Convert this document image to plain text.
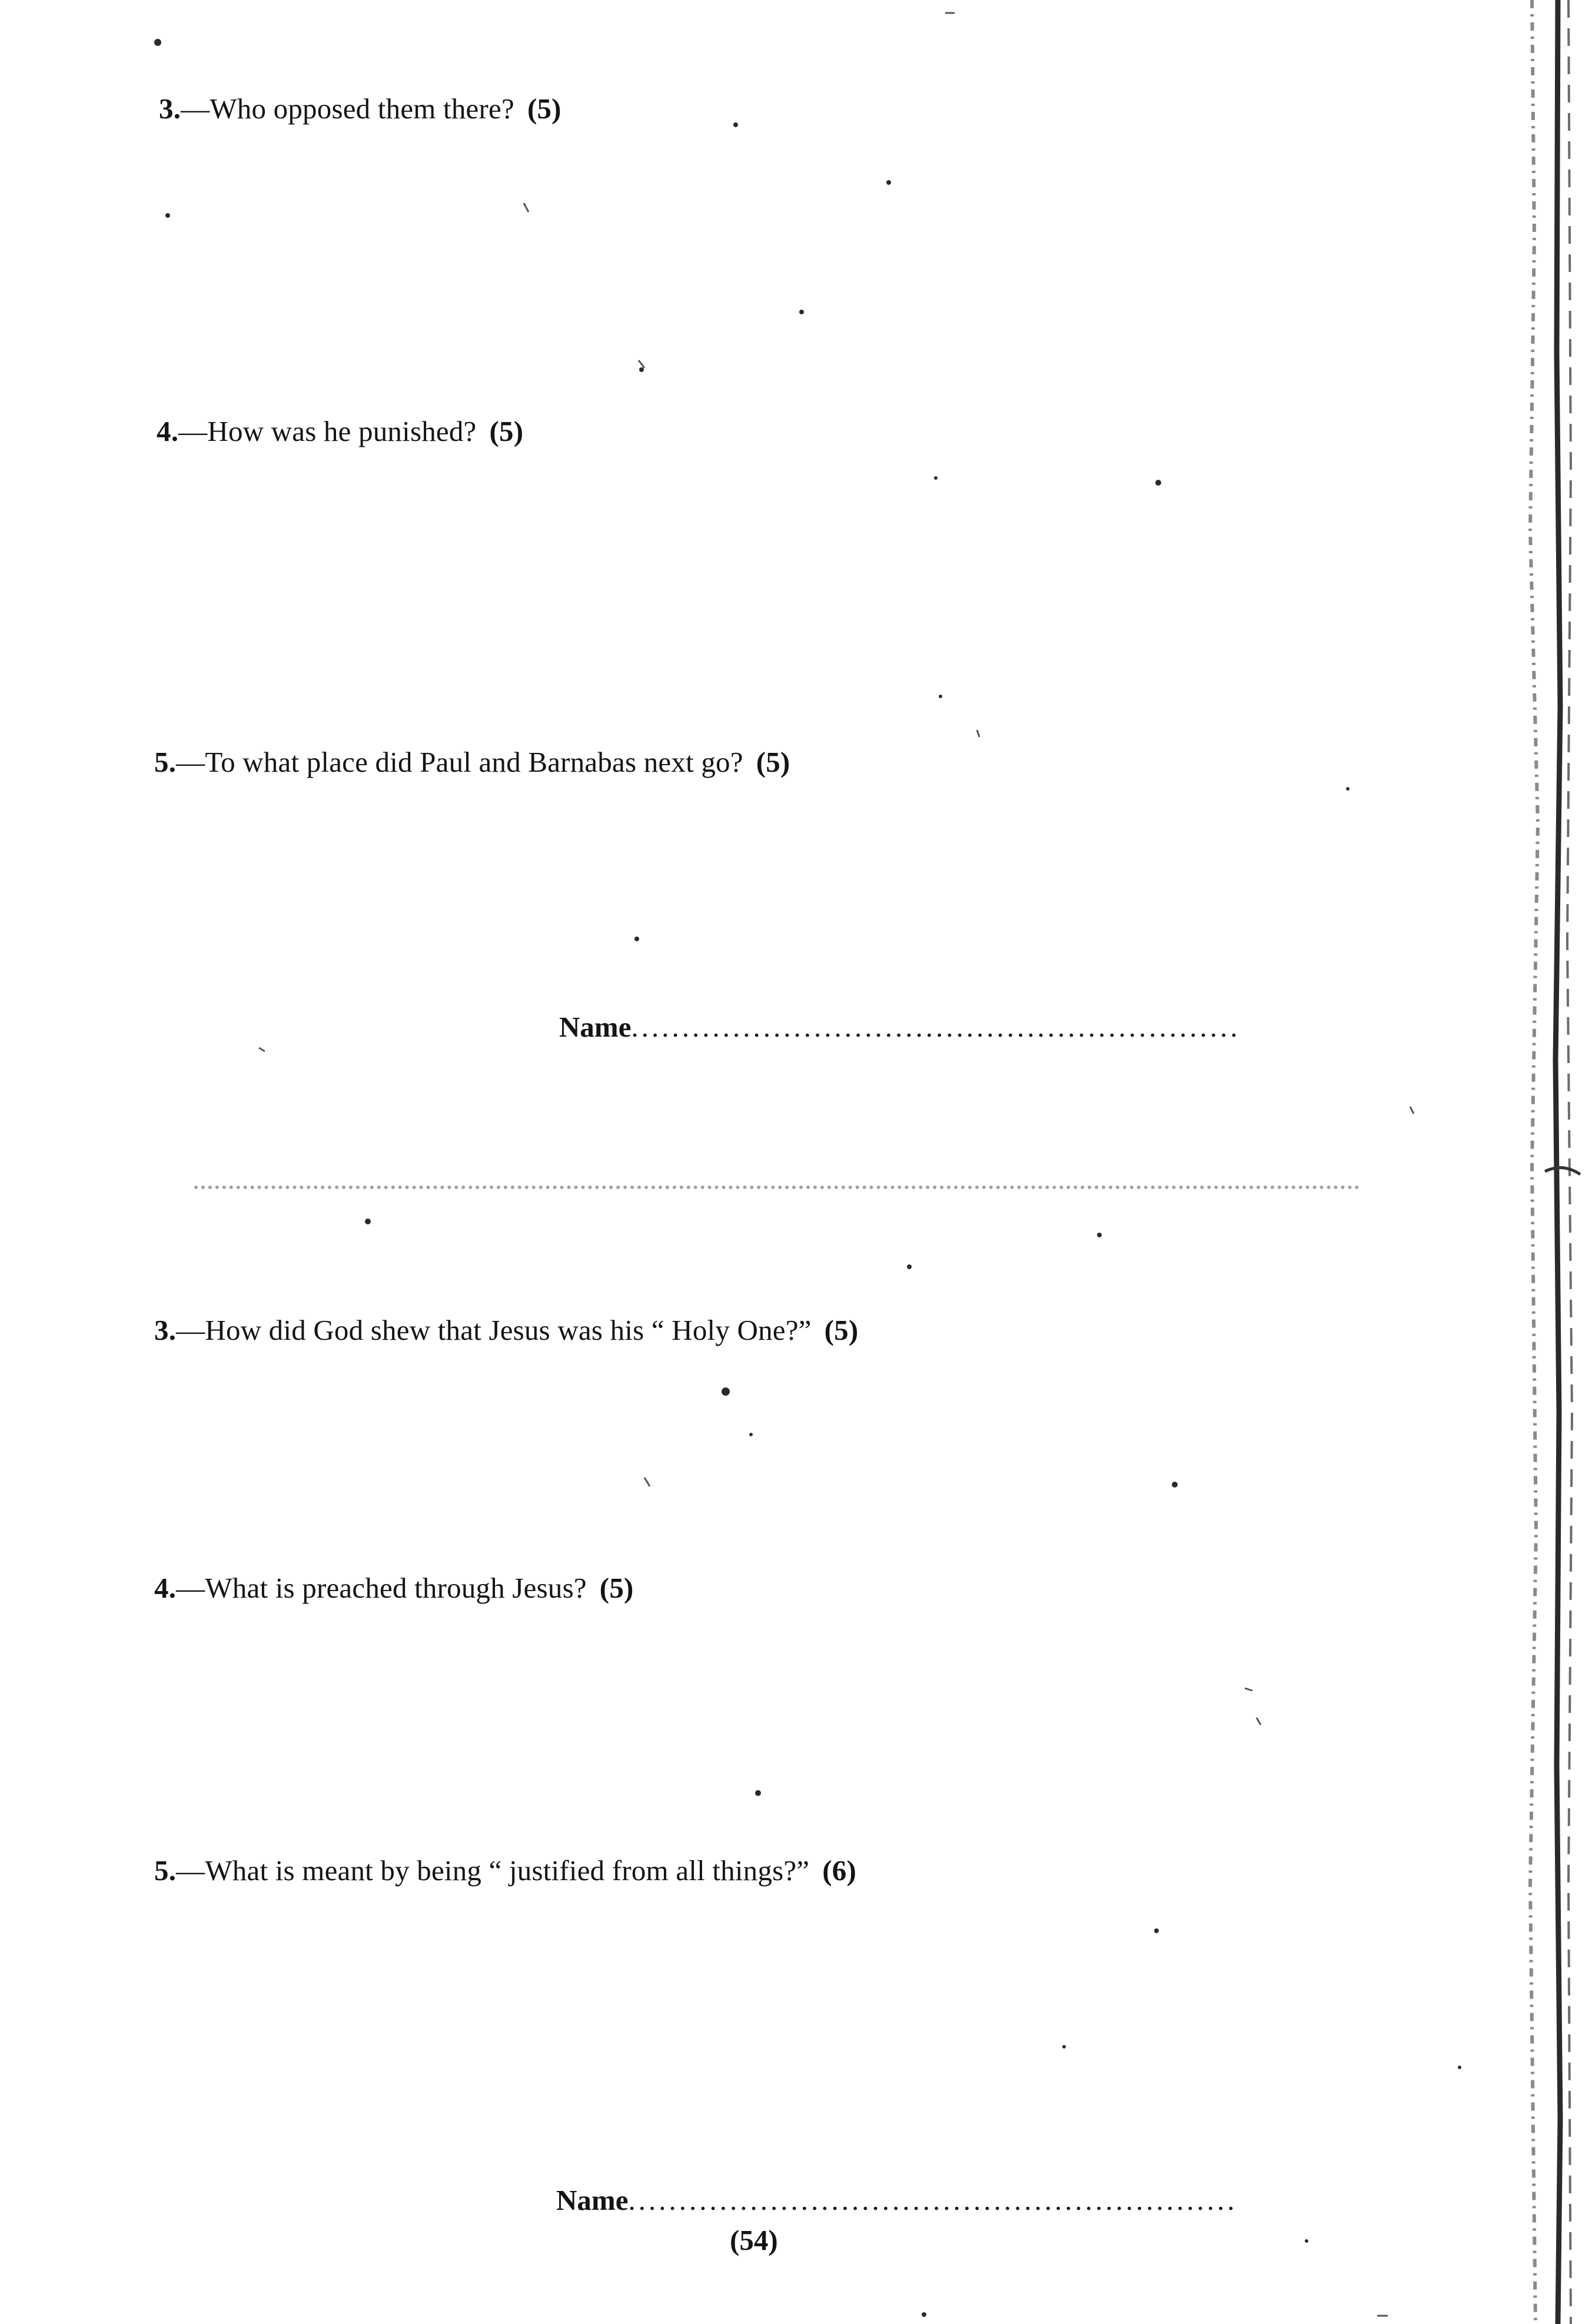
3.—Who opposed them there? (5)
4.—How was he punished? (5)
5.—To what place did Paul and Barnabas next go? (5)
Name............................................................
3.—How did God shew that Jesus was his “ Holy One?” (5)
4.—What is preached through Jesus? (5)
5.—What is meant by being “ justified from all things?” (6)
Name............................................................
(54)
